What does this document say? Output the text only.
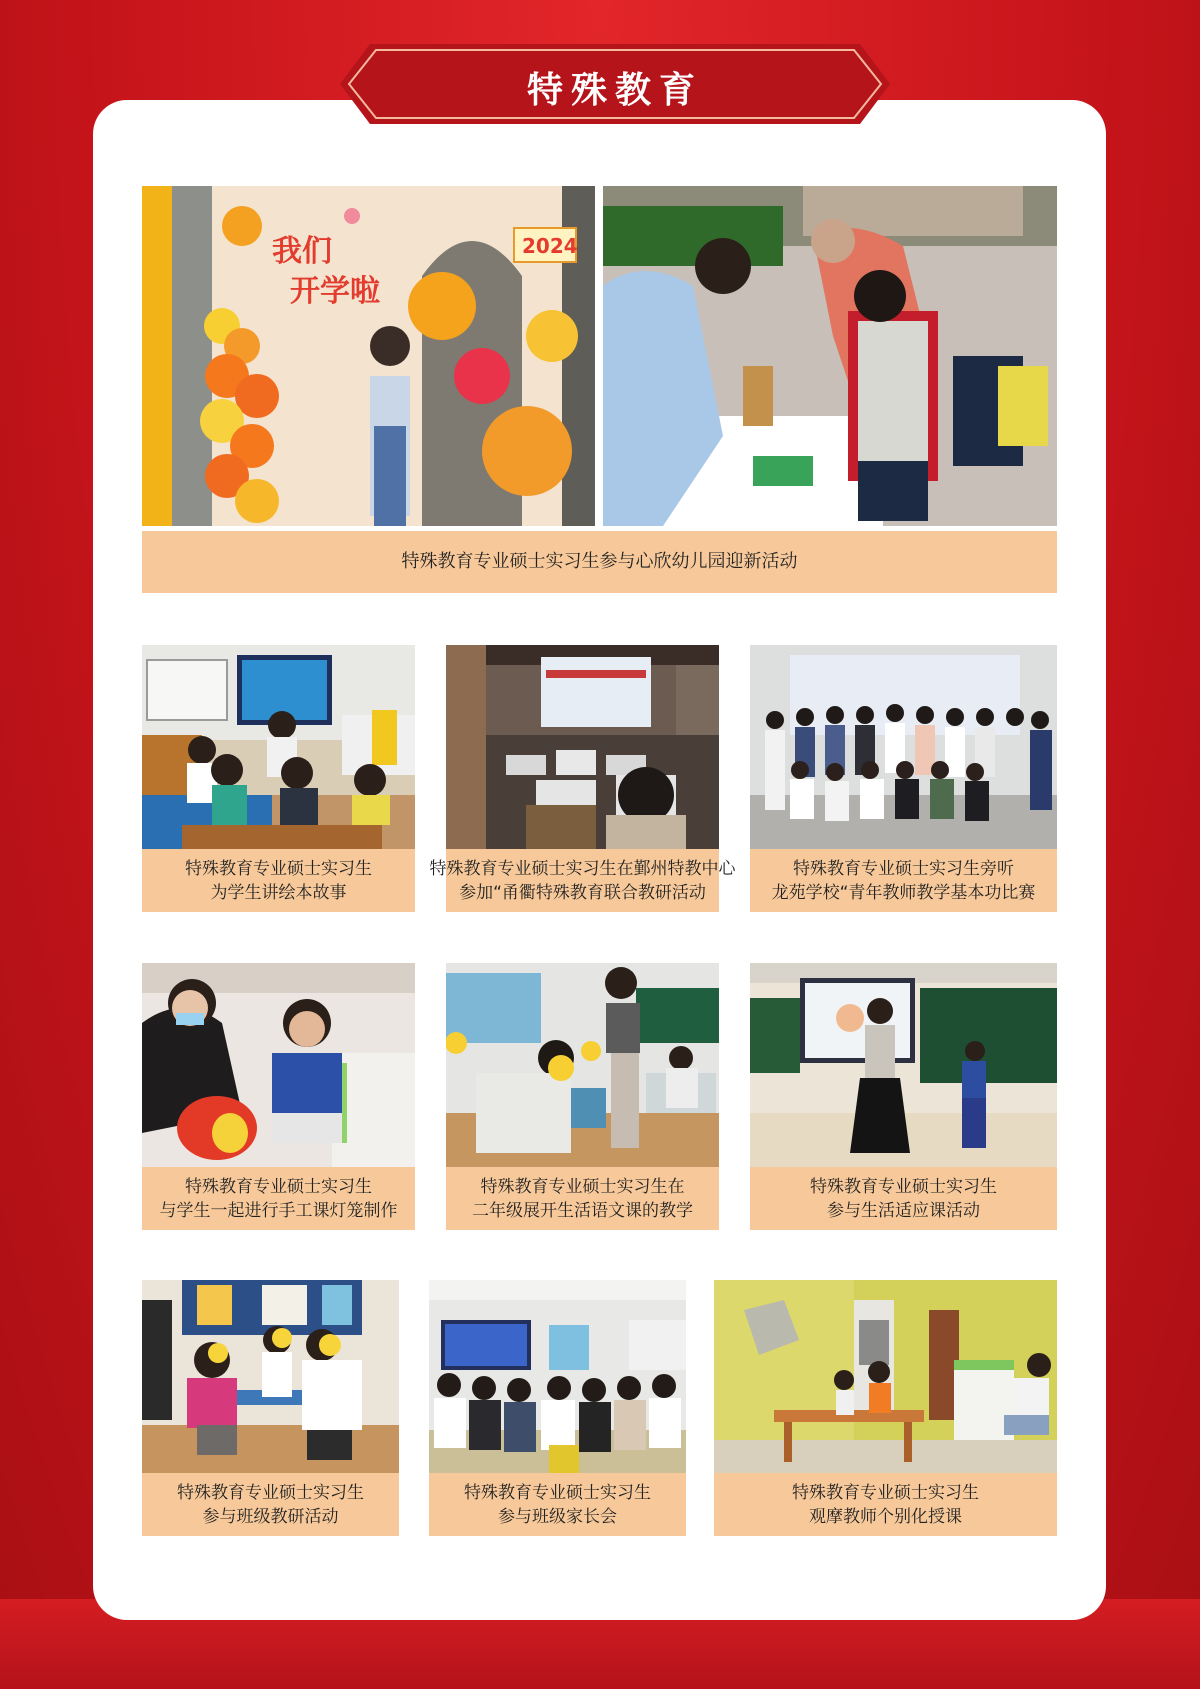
特殊教育
我们
开学啦
2024
特殊教育专业硕士实习生参与心欣幼儿园迎新活动
特殊教育专业硕士实习生
为学生讲绘本故事
特殊教育专业硕士实习生在鄞州特教中心
参加“甬衢特殊教育联合教研活动
特殊教育专业硕士实习生旁听
龙苑学校“青年教师教学基本功比赛
特殊教育专业硕士实习生
与学生一起进行手工课灯笼制作
特殊教育专业硕士实习生在
二年级展开生活语文课的教学
特殊教育专业硕士实习生
参与生活适应课活动
特殊教育专业硕士实习生
参与班级教研活动
特殊教育专业硕士实习生
参与班级家长会
特殊教育专业硕士实习生
观摩教师个别化授课
